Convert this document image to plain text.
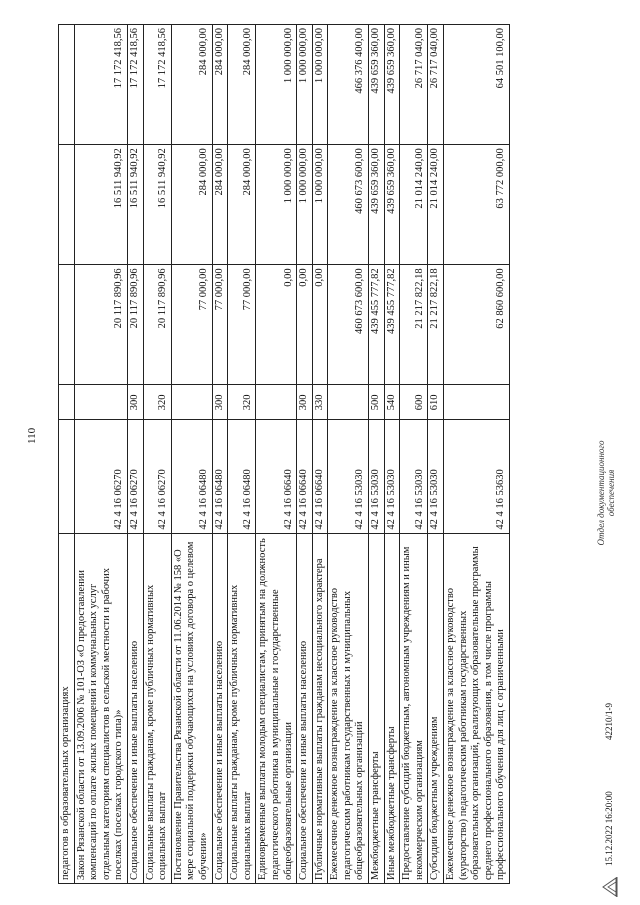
110
педагогов в образовательных организациях					
Закон Рязанской области от 13.09.2006 № 101-ОЗ «О предоставлении компенсаций по оплате жилых помещений и коммунальных услуг отдельным категориям специалистов в сельской местности и рабочих поселках (поселках городского типа)»	42 4 16 06270		20 117 890,96	16 511 940,92	17 172 418,56
Социальное обеспечение и иные выплаты населению	42 4 16 06270	300	20 117 890,96	16 511 940,92	17 172 418,56
Социальные выплаты гражданам, кроме публичных нормативных социальных выплат	42 4 16 06270	320	20 117 890,96	16 511 940,92	17 172 418,56
Постановление Правительства Рязанской области от 11.06.2014 № 158 «О мере социальной поддержки обучающихся на условиях договора о целевом обучении»	42 4 16 06480		77 000,00	284 000,00	284 000,00
Социальное обеспечение и иные выплаты населению	42 4 16 06480	300	77 000,00	284 000,00	284 000,00
Социальные выплаты гражданам, кроме публичных нормативных социальных выплат	42 4 16 06480	320	77 000,00	284 000,00	284 000,00
Единовременные выплаты молодым специалистам, принятым на должность педагогического работника в муниципальные и государственные общеобразовательные организации	42 4 16 06640		0,00	1 000 000,00	1 000 000,00
Социальное обеспечение и иные выплаты населению	42 4 16 06640	300	0,00	1 000 000,00	1 000 000,00
Публичные нормативные выплаты гражданам несоциального характера	42 4 16 06640	330	0,00	1 000 000,00	1 000 000,00
Ежемесячное денежное вознаграждение за классное руководство педагогическим работникам государственных и муниципальных общеобразовательных организаций	42 4 16 53030		460 673 600,00	460 673 600,00	466 376 400,00
Межбюджетные трансферты	42 4 16 53030	500	439 455 777,82	439 659 360,00	439 659 360,00
Иные межбюджетные трансферты	42 4 16 53030	540	439 455 777,82	439 659 360,00	439 659 360,00
Предоставление субсидий бюджетным, автономным учреждениям и иным некоммерческим организациям	42 4 16 53030	600	21 217 822,18	21 014 240,00	26 717 040,00
Субсидии бюджетным учреждениям	42 4 16 53030	610	21 217 822,18	21 014 240,00	26 717 040,00
Ежемесячное денежное вознаграждение за классное руководство (кураторство) педагогическим работникам государственных образовательных организаций, реализующих образовательные программы среднего профессионального образования, в том числе программы профессионального обучения для лиц с ограниченными	42 4 16 53630		62 860 600,00	63 772 000,00	64 501 100,00
15.12.2022 16:20:00
42210/1-9
Отдел документационного обеспечения
